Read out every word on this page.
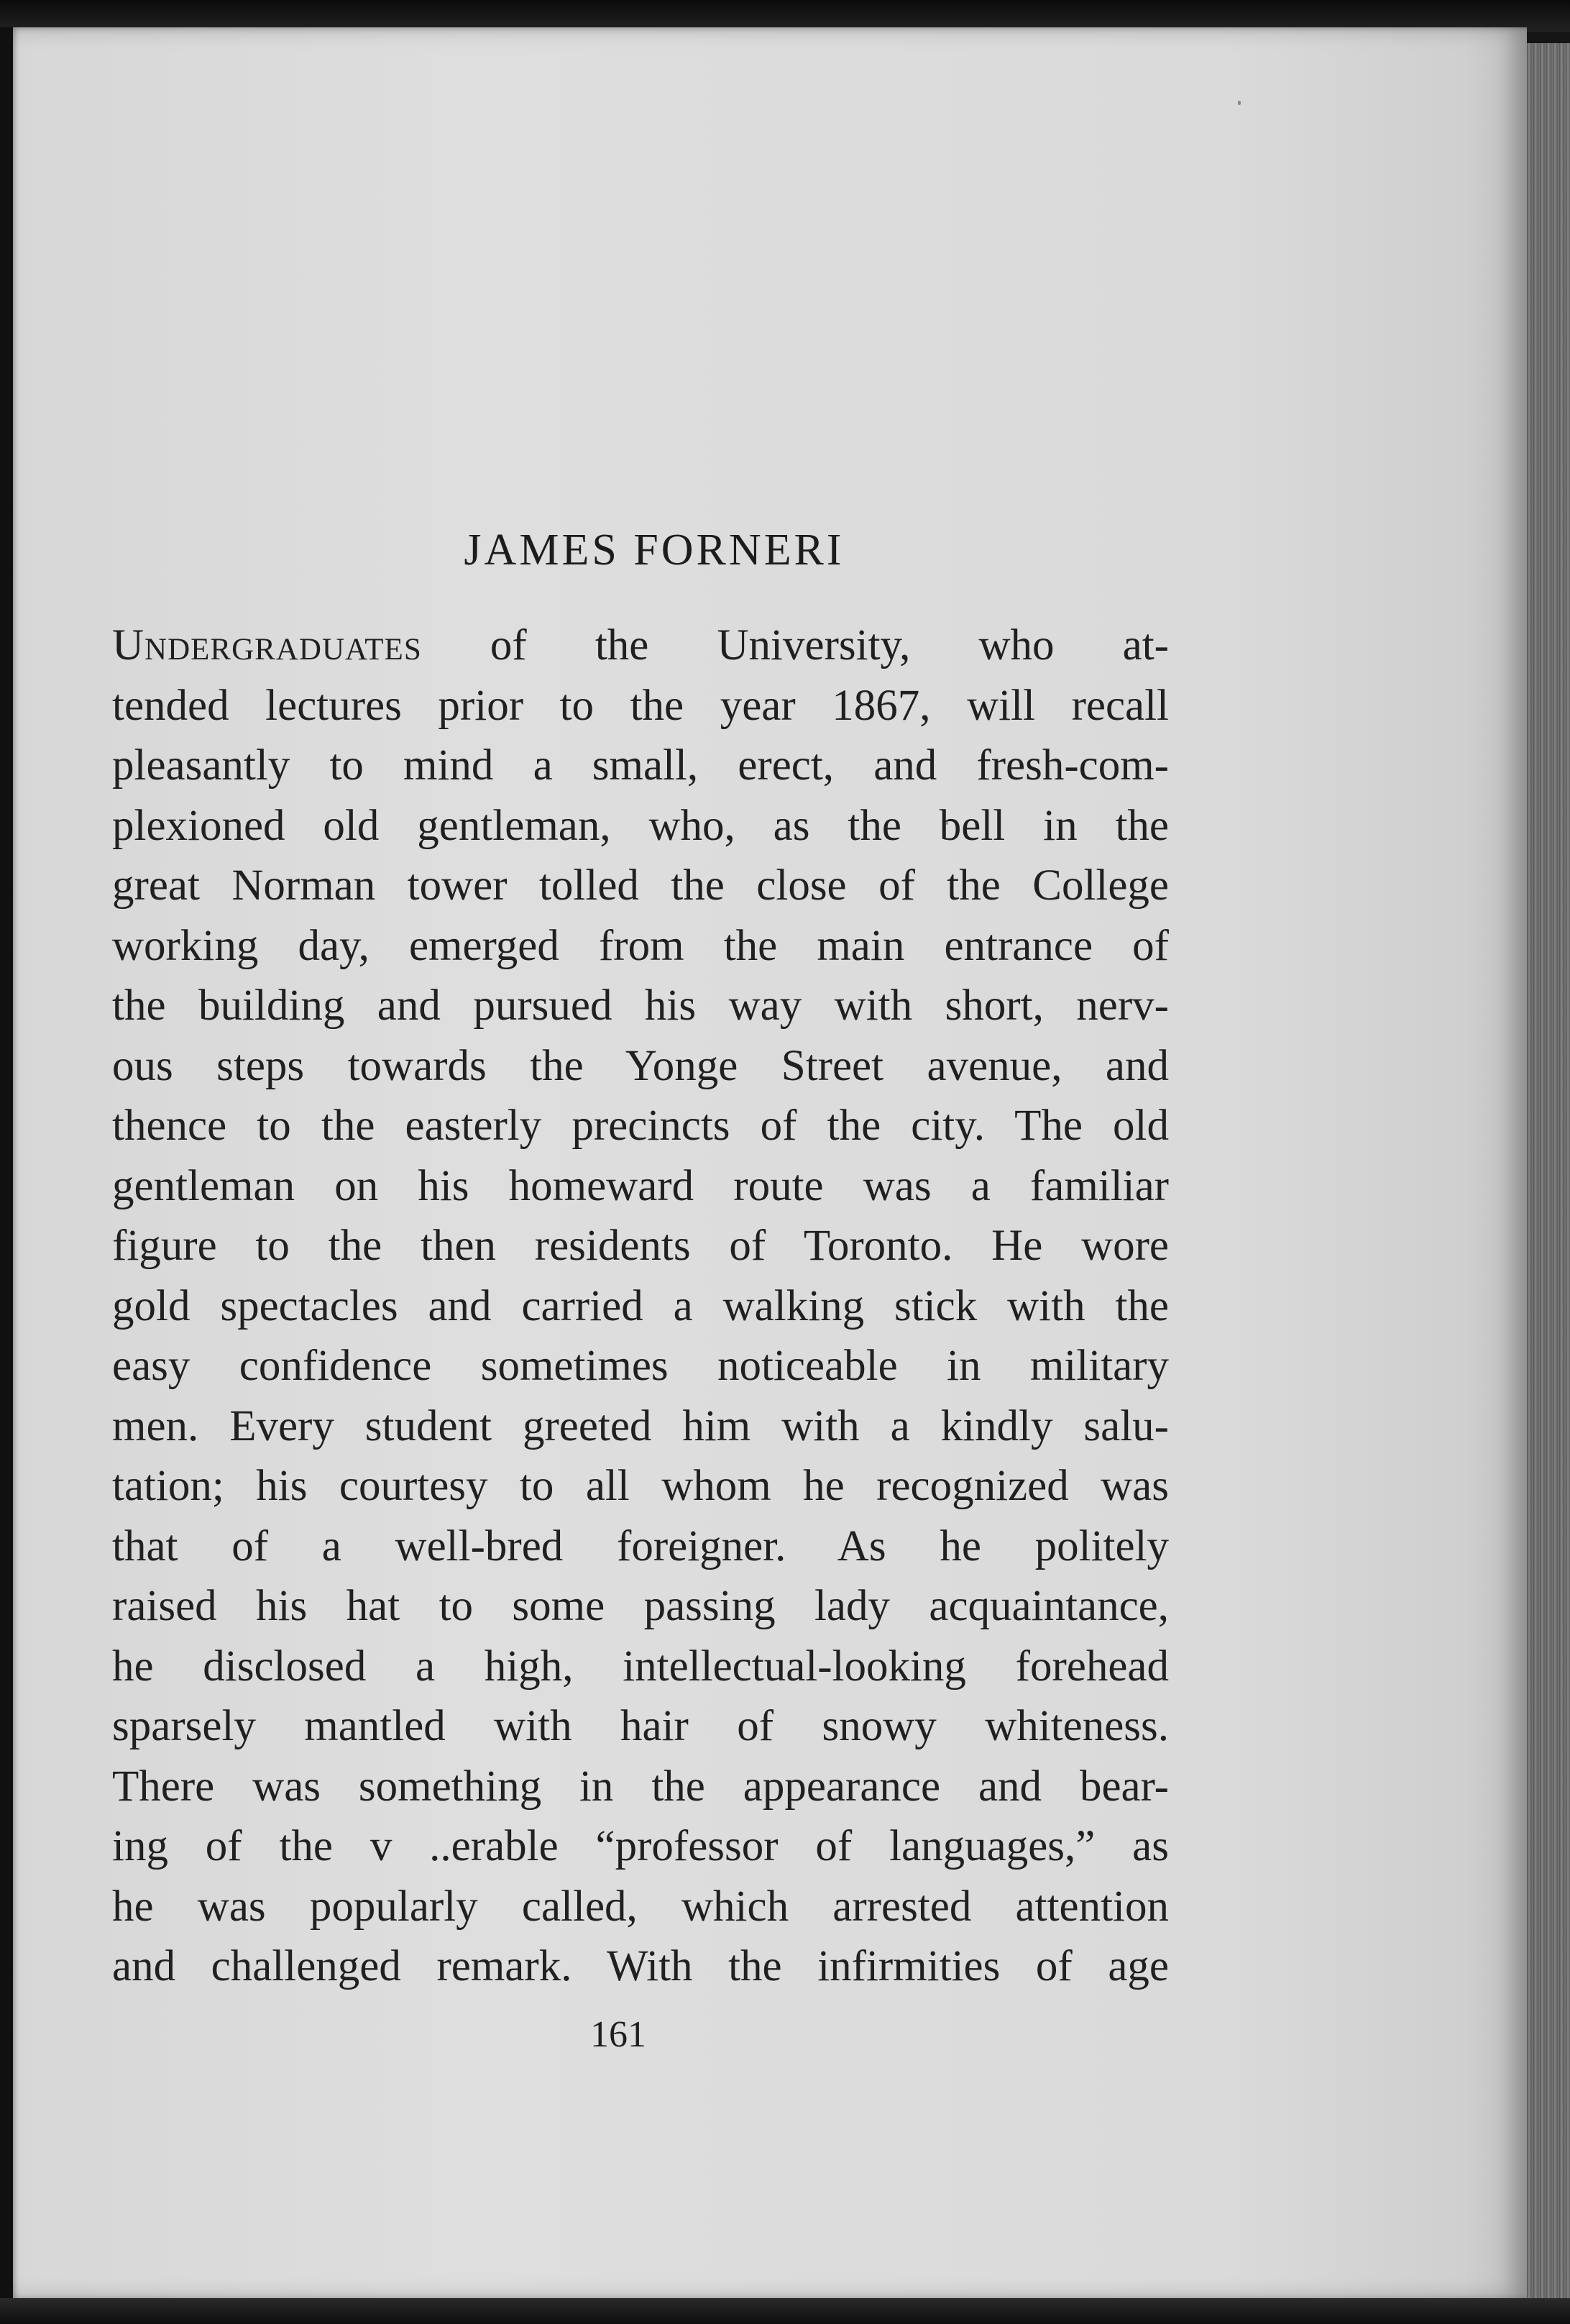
JAMES FORNERI
Undergraduates of the University, who at-
tended lectures prior to the year 1867, will recall
pleasantly to mind a small, erect, and fresh-com-
plexioned old gentleman, who, as the bell in the
great Norman tower tolled the close of the College
working day, emerged from the main entrance of
the building and pursued his way with short, nerv-
ous steps towards the Yonge Street avenue, and
thence to the easterly precincts of the city. The old
gentleman on his homeward route was a familiar
figure to the then residents of Toronto. He wore
gold spectacles and carried a walking stick with the
easy confidence sometimes noticeable in military
men. Every student greeted him with a kindly salu-
tation; his courtesy to all whom he recognized was
that of a well-bred foreigner. As he politely
raised his hat to some passing lady acquaintance,
he disclosed a high, intellectual-looking forehead
sparsely mantled with hair of snowy whiteness.
There was something in the appearance and bear-
ing of the v ..erable “professor of languages,” as
he was popularly called, which arrested attention
and challenged remark. With the infirmities of age

161
